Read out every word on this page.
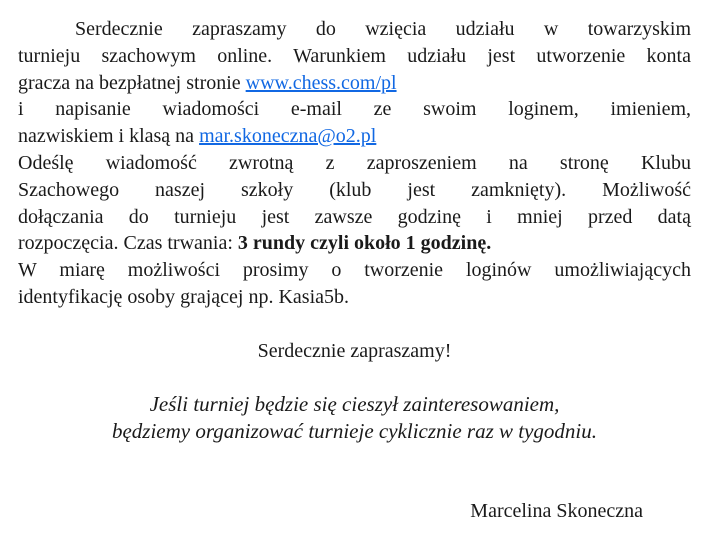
Serdecznie zapraszamy do wzięcia udziału w towarzyskim
turnieju szachowym online. Warunkiem udziału jest utworzenie konta
gracza na bezpłatnej stronie www.chess.com/pl
i napisanie wiadomości e-mail ze swoim loginem, imieniem,
nazwiskiem i klasą na mar.skoneczna@o2.pl
Odeślę wiadomość zwrotną z zaproszeniem na stronę Klubu
Szachowego naszej szkoły (klub jest zamknięty). Możliwość
dołączania do turnieju jest zawsze godzinę i mniej przed datą
rozpoczęcia. Czas trwania: 3 rundy czyli około 1 godzinę.
W miarę możliwości prosimy o tworzenie loginów umożliwiających
identyfikację osoby grającej np. Kasia5b.
Serdecznie zapraszamy!
Jeśli turniej będzie się cieszył zainteresowaniem,
będziemy organizować turnieje cyklicznie raz w tygodniu.
Marcelina Skoneczna
